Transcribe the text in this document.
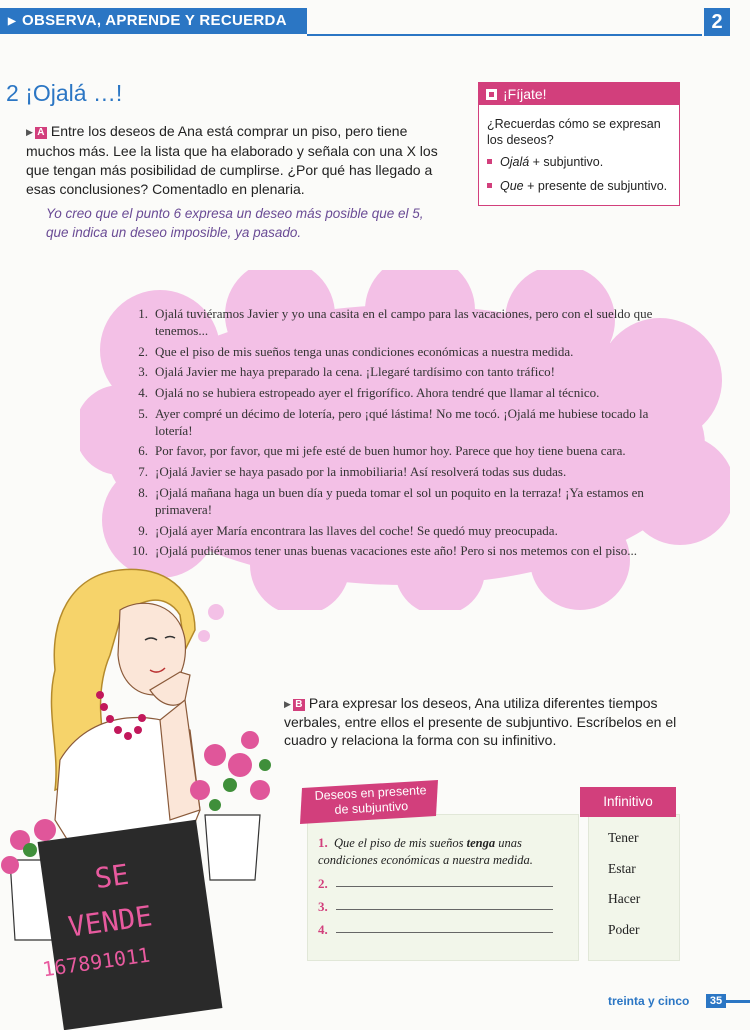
▶ OBSERVA, APRENDE Y RECUERDA	2
2 ¡Ojalá …!
▶ A Entre los deseos de Ana está comprar un piso, pero tiene muchos más. Lee la lista que ha elaborado y señala con una X los que tengan más posibilidad de cumplirse. ¿Por qué has llegado a esas conclusiones? Comentadlo en plenaria.
Yo creo que el punto 6 expresa un deseo más posible que el 5, que indica un deseo imposible, ya pasado.
¡Fíjate!
¿Recuerdas cómo se expresan los deseos?
Ojalá + subjuntivo.
Que + presente de subjuntivo.
1. Ojalá tuviéramos Javier y yo una casita en el campo para las vacaciones, pero con el sueldo que tenemos...
2. Que el piso de mis sueños tenga unas condiciones económicas a nuestra medida.
3. Ojalá Javier me haya preparado la cena. ¡Llegaré tardísimo con tanto tráfico!
4. Ojalá no se hubiera estropeado ayer el frigorífico. Ahora tendré que llamar al técnico.
5. Ayer compré un décimo de lotería, pero ¡qué lástima! No me tocó. ¡Ojalá me hubiese tocado la lotería!
6. Por favor, por favor, que mi jefe esté de buen humor hoy. Parece que hoy tiene buena cara.
7. ¡Ojalá Javier se haya pasado por la inmobiliaria! Así resolverá todas sus dudas.
8. ¡Ojalá mañana haga un buen día y pueda tomar el sol un poquito en la terraza! ¡Ya estamos en primavera!
9. ¡Ojalá ayer María encontrara las llaves del coche! Se quedó muy preocupada.
10. ¡Ojalá pudiéramos tener unas buenas vacaciones este año! Pero si nos metemos con el piso...
SE
VENDE
167891011
▶ B Para expresar los deseos, Ana utiliza diferentes tiempos verbales, entre ellos el presente de subjuntivo. Escríbelos en el cuadro y relaciona la forma con su infinitivo.
Deseos en presente
de subjuntivo
1. Que el piso de mis sueños tenga unas condiciones económicas a nuestra medida.
2.
3.
4.
Infinitivo
Tener
Estar
Hacer
Poder
treinta y cinco	35
